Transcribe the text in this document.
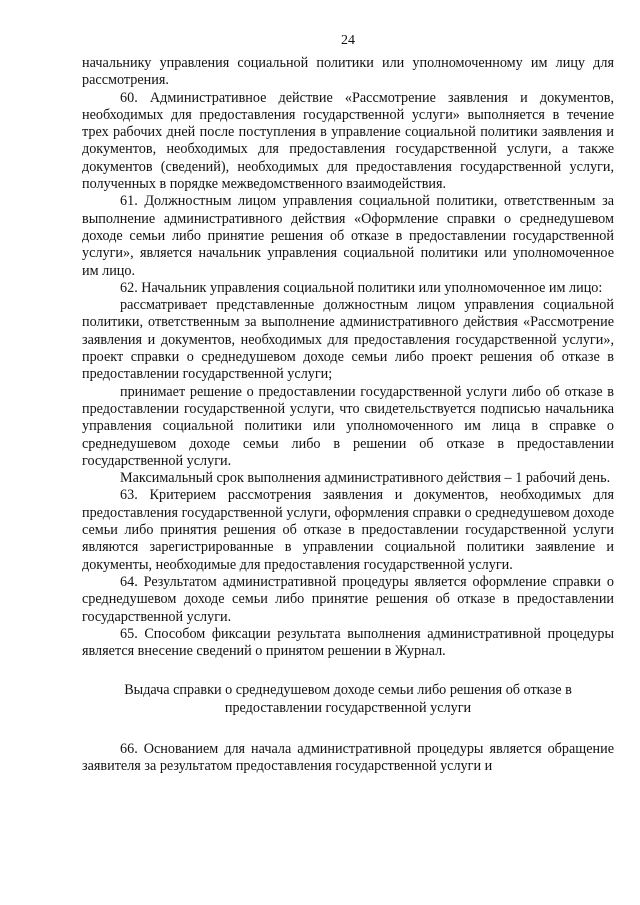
24

начальнику управления социальной политики или уполномоченному им лицу для рассмотрения.

60. Административное действие «Рассмотрение заявления и документов, необходимых для предоставления государственной услуги» выполняется в течение трех рабочих дней после поступления в управление социальной политики заявления и документов, необходимых для предоставления государственной услуги, а также документов (сведений), необходимых для предоставления государственной услуги, полученных в порядке межведомственного взаимодействия.

61. Должностным лицом управления социальной политики, ответственным за выполнение административного действия «Оформление справки о среднедушевом доходе семьи либо принятие решения об отказе в предоставлении государственной услуги», является начальник управления социальной политики или уполномоченное им лицо.

62. Начальник управления социальной политики или уполномоченное им лицо:

рассматривает представленные должностным лицом управления социальной политики, ответственным за выполнение административного действия «Рассмотрение заявления и документов, необходимых для предоставления государственной услуги», проект справки о среднедушевом доходе семьи либо проект решения об отказе в предоставлении государственной услуги;

принимает решение о предоставлении государственной услуги либо об отказе в предоставлении государственной услуги, что свидетельствуется подписью начальника управления социальной политики или уполномоченного им лица в справке о среднедушевом доходе семьи либо в решении об отказе в предоставлении государственной услуги.

Максимальный срок выполнения административного действия – 1 рабочий день.

63. Критерием рассмотрения заявления и документов, необходимых для предоставления государственной услуги, оформления справки о среднедушевом доходе семьи либо принятия решения об отказе в предоставлении государственной услуги являются зарегистрированные в управлении социальной политики заявление и документы, необходимые для предоставления государственной услуги.

64. Результатом административной процедуры является оформление справки о среднедушевом доходе семьи либо принятие решения об отказе в предоставлении государственной услуги.

65. Способом фиксации результата выполнения административной процедуры является внесение сведений о принятом решении в Журнал.

Выдача справки о среднедушевом доходе семьи либо решения об отказе в предоставлении государственной услуги

66. Основанием для начала административной процедуры является обращение заявителя за результатом предоставления государственной услуги и
